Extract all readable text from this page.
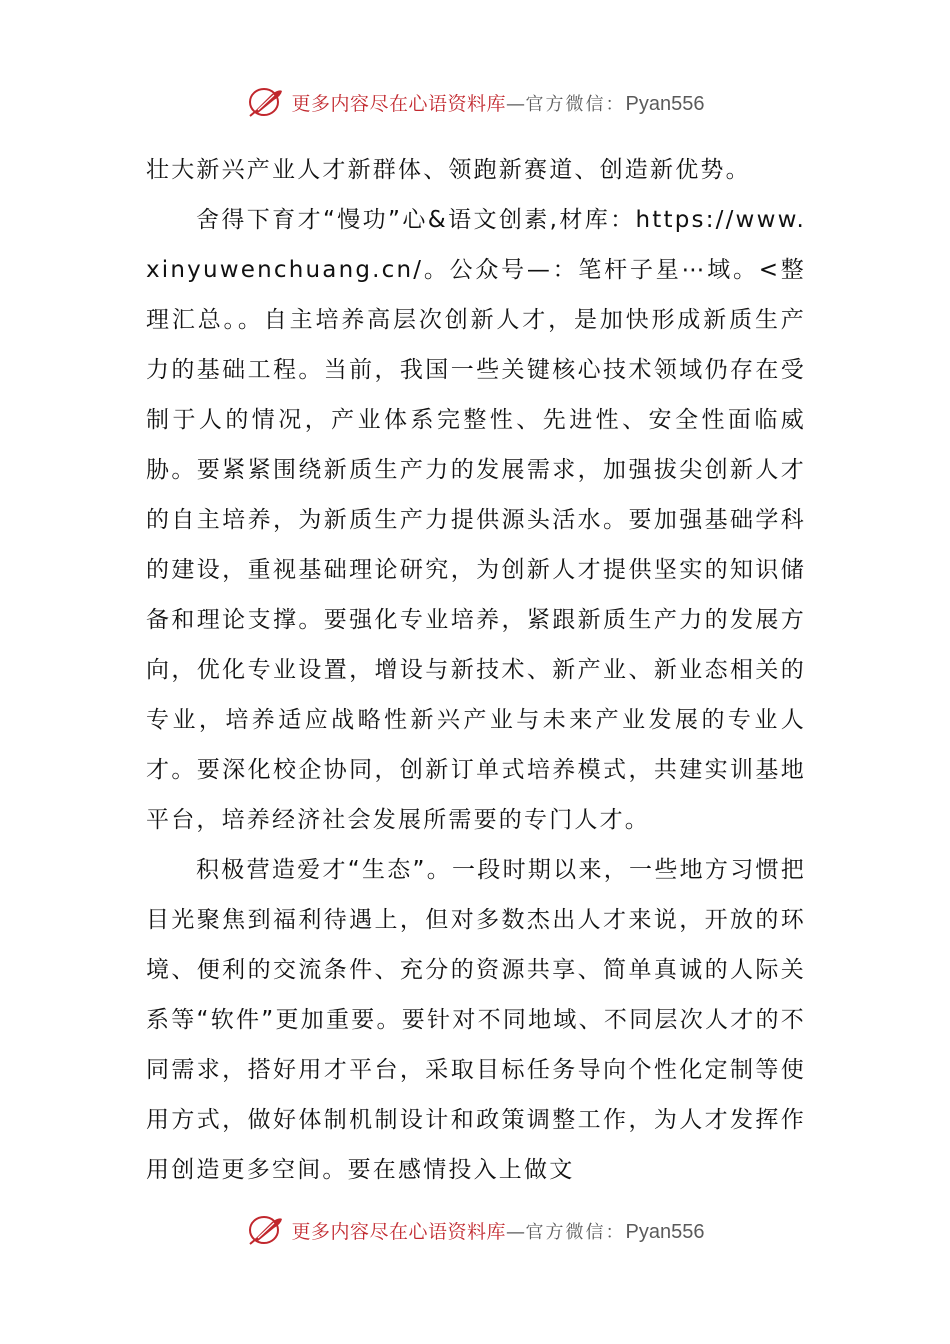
更多内容尽在心语资料库—官方微信：Pyan556

壮大新兴产业人才新群体、领跑新赛道、创造新优势。

舍得下育才“慢功”心&语文创素,材库：https://www.xinyuwenchuang.cn/。公众号—：笔杆子星⋯域。<整理汇总。。自主培养高层次创新人才，是加快形成新质生产力的基础工程。当前，我国一些关键核心技术领域仍存在受制于人的情况，产业体系完整性、先进性、安全性面临威胁。要紧紧围绕新质生产力的发展需求，加强拔尖创新人才的自主培养，为新质生产力提供源头活水。要加强基础学科的建设，重视基础理论研究，为创新人才提供坚实的知识储备和理论支撑。要强化专业培养，紧跟新质生产力的发展方向，优化专业设置，增设与新技术、新产业、新业态相关的专业，培养适应战略性新兴产业与未来产业发展的专业人才。要深化校企协同，创新订单式培养模式，共建实训基地平台，培养经济社会发展所需要的专门人才。

积极营造爱才“生态”。一段时期以来，一些地方习惯把目光聚焦到福利待遇上，但对多数杰出人才来说，开放的环境、便利的交流条件、充分的资源共享、简单真诚的人际关系等“软件”更加重要。要针对不同地域、不同层次人才的不同需求，搭好用才平台，采取目标任务导向个性化定制等使用方式，做好体制机制设计和政策调整工作，为人才发挥作用创造更多空间。要在感情投入上做文

更多内容尽在心语资料库—官方微信：Pyan556
